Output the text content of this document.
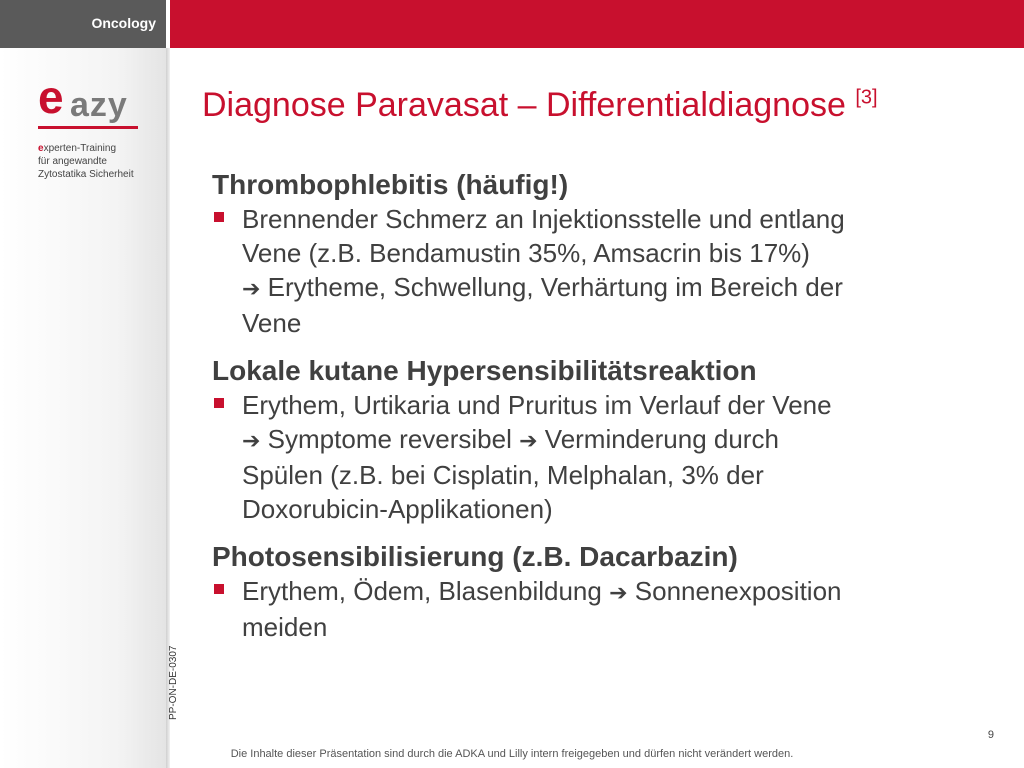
Oncology
e azy
experten-Training
für angewandte
Zytostatika Sicherheit
PP-ON-DE-0307
Diagnose Paravasat – Differentialdiagnose [3]
Thrombophlebitis (häufig!)
Brennender Schmerz an Injektionsstelle und entlang
Vene (z.B. Bendamustin 35%, Amsacrin bis 17%)
➔ Erytheme, Schwellung, Verhärtung im Bereich der
Vene
Lokale kutane Hypersensibilitätsreaktion
Erythem, Urtikaria und Pruritus im Verlauf der Vene
➔ Symptome reversibel ➔ Verminderung durch
Spülen (z.B. bei Cisplatin, Melphalan, 3% der
Doxorubicin-Applikationen)
Photosensibilisierung (z.B. Dacarbazin)
Erythem, Ödem, Blasenbildung ➔ Sonnenexposition
meiden
9
Die Inhalte dieser Präsentation sind durch die ADKA und Lilly intern freigegeben und dürfen nicht verändert werden.
